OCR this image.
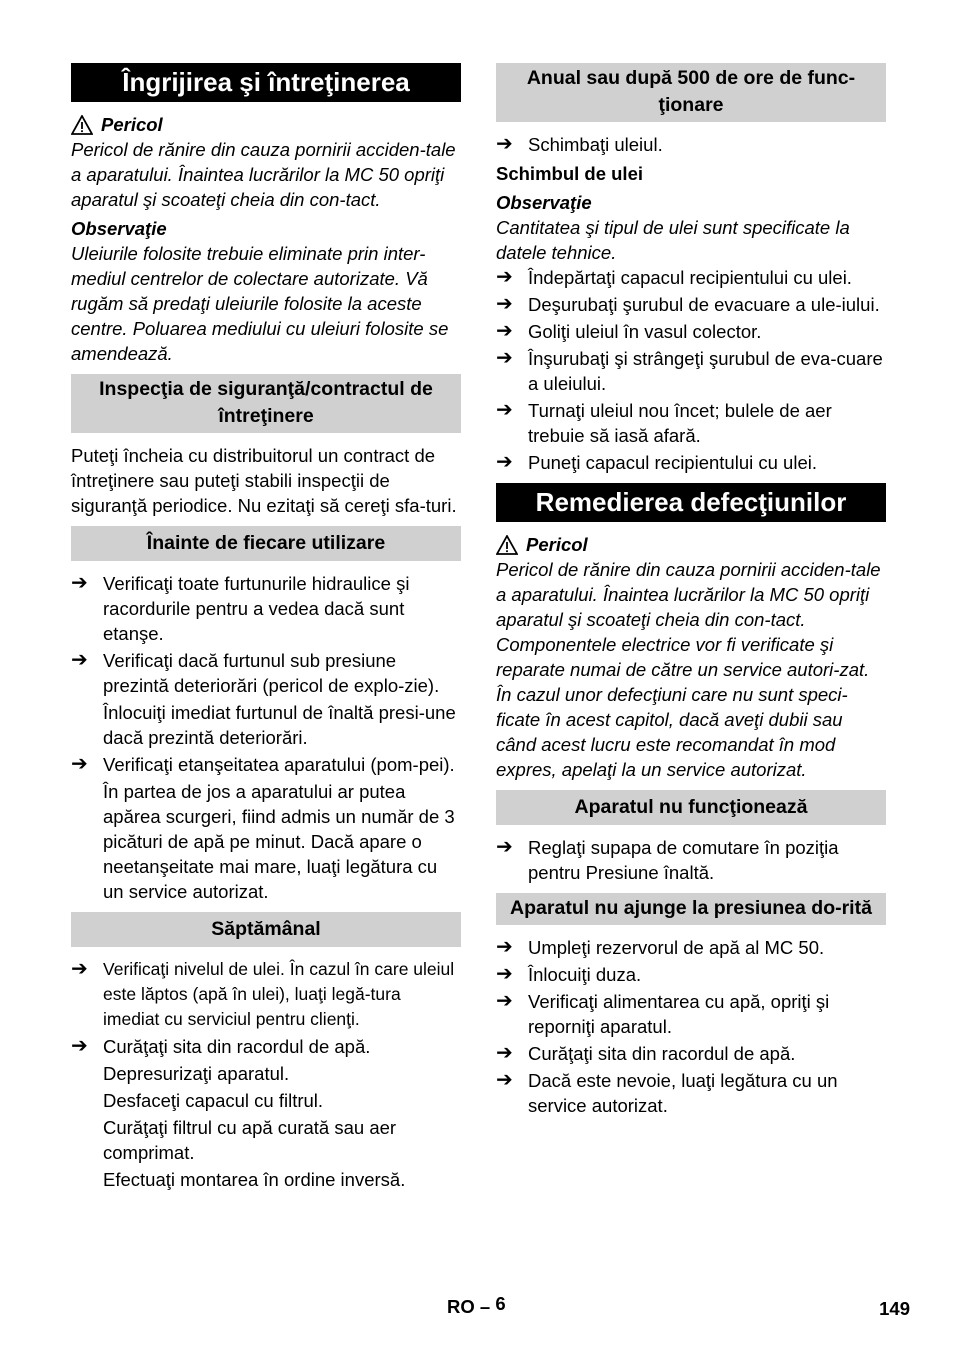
Îngrijirea şi întreţinerea
Pericol
Pericol de rănire din cauza pornirii acciden-tale a aparatului. Înaintea lucrărilor la MC 50 opriţi aparatul şi scoateţi cheia din con-tact.
Observaţie
Uleiurile folosite trebuie eliminate prin inter-mediul centrelor de colectare autorizate. Vă rugăm să predaţi uleiurile folosite la aceste centre. Poluarea mediului cu uleiuri folosite se amendează.
Inspecţia de siguranţă/contractul de întreţinere
Puteţi încheia cu distribuitorul un contract de întreţinere sau puteţi stabili inspecţii de siguranţă periodice. Nu ezitaţi să cereţi sfa-turi.
Înainte de fiecare utilizare
➔ Verificaţi toate furtunurile hidraulice şi racordurile pentru a vedea dacă sunt etanşe.
➔ Verificaţi dacă furtunul sub presiune prezintă deteriorări (pericol de explo-zie).
Înlocuiţi imediat furtunul de înaltă presi-une dacă prezintă deteriorări.
➔ Verificaţi etanşeitatea aparatului (pom-pei).
În partea de jos a aparatului ar putea apărea scurgeri, fiind admis un număr de 3 picături de apă pe minut. Dacă apare o neetanşeitate mai mare, luaţi legătura cu un service autorizat.
Săptămânal
➔ Verificaţi nivelul de ulei. În cazul în care uleiul este lăptos (apă în ulei), luaţi legă-tura imediat cu serviciul pentru clienţi.
➔ Curăţaţi sita din racordul de apă.
Depresurizaţi aparatul.
Desfaceţi capacul cu filtrul.
Curăţaţi filtrul cu apă curată sau aer comprimat.
Efectuaţi montarea în ordine inversă.
Anual sau după 500 de ore de func-ţionare
➔ Schimbaţi uleiul.
Schimbul de ulei
Observaţie
Cantitatea şi tipul de ulei sunt specificate la datele tehnice.
➔ Îndepărtaţi capacul recipientului cu ulei.
➔ Deşurubaţi şurubul de evacuare a ule-iului.
➔ Goliţi uleiul în vasul colector.
➔ Înşurubaţi şi strângeţi şurubul de eva-cuare a uleiului.
➔ Turnaţi uleiul nou încet; bulele de aer trebuie să iasă afară.
➔ Puneţi capacul recipientului cu ulei.
Remedierea defecţiunilor
Pericol
Pericol de rănire din cauza pornirii acciden-tale a aparatului. Înaintea lucrărilor la MC 50 opriţi aparatul şi scoateţi cheia din con-tact. Componentele electrice vor fi verificate şi reparate numai de către un service autori-zat. În cazul unor defecţiuni care nu sunt speci-ficate în acest capitol, dacă aveţi dubii sau când acest lucru este recomandat în mod expres, apelaţi la un service autorizat.
Aparatul nu funcţionează
➔ Reglaţi supapa de comutare în poziţia pentru Presiune înaltă.
Aparatul nu ajunge la presiunea do-rită
➔ Umpleţi rezervorul de apă al MC 50.
➔ Înlocuiţi duza.
➔ Verificaţi alimentarea cu apă, opriţi şi reporniţi aparatul.
➔ Curăţaţi sita din racordul de apă.
➔ Dacă este nevoie, luaţi legătura cu un service autorizat.
RO – 6	149
